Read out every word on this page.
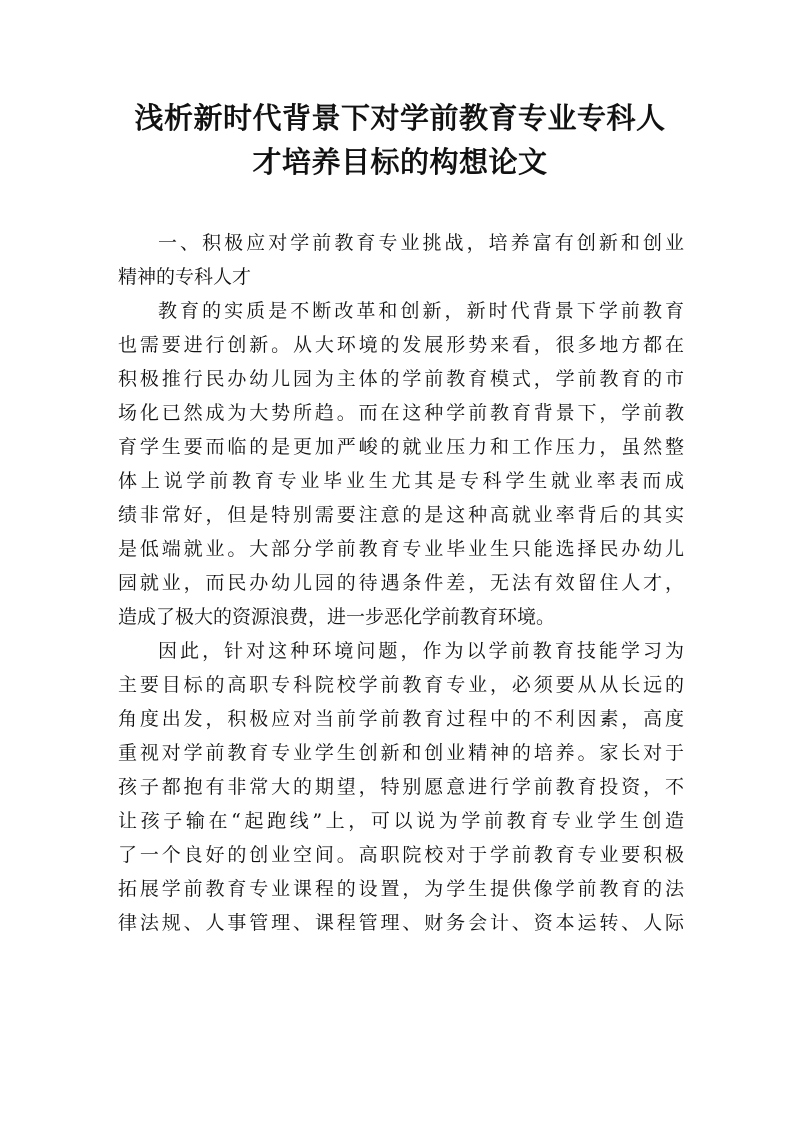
浅析新时代背景下对学前教育专业专科人
才培养目标的构想论文
一、积极应对学前教育专业挑战，培养富有创新和创业
精神的专科人才
教育的实质是不断改革和创新，新时代背景下学前教育
也需要进行创新。从大环境的发展形势来看，很多地方都在
积极推行民办幼儿园为主体的学前教育模式，学前教育的市
场化已然成为大势所趋。而在这种学前教育背景下，学前教
育学生要而临的是更加严峻的就业压力和工作压力，虽然整
体上说学前教育专业毕业生尤其是专科学生就业率表而成
绩非常好，但是特别需要注意的是这种高就业率背后的其实
是低端就业。大部分学前教育专业毕业生只能选择民办幼儿
园就业，而民办幼儿园的待遇条件差，无法有效留住人才，
造成了极大的资源浪费，进一步恶化学前教育环境。
因此，针对这种环境问题，作为以学前教育技能学习为
主要目标的高职专科院校学前教育专业，必须要从从长远的
角度出发，积极应对当前学前教育过程中的不利因素，高度
重视对学前教育专业学生创新和创业精神的培养。家长对于
孩子都抱有非常大的期望，特别愿意进行学前教育投资，不
让孩子输在“起跑线”上，可以说为学前教育专业学生创造
了一个良好的创业空间。高职院校对于学前教育专业要积极
拓展学前教育专业课程的设置，为学生提供像学前教育的法
律法规、人事管理、课程管理、财务会计、资本运转、人际
